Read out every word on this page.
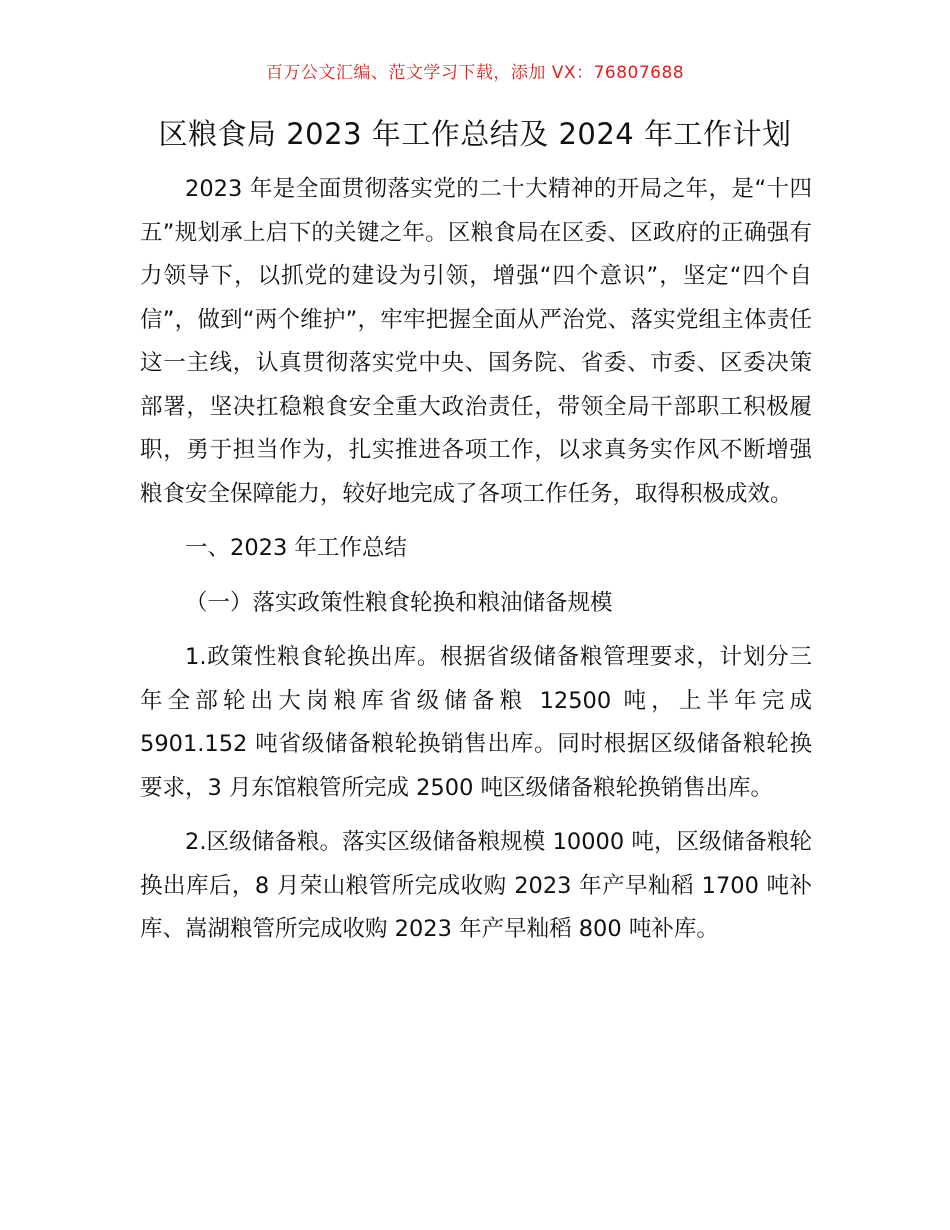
百万公文汇编、范文学习下载，添加 VX：76807688
区粮食局 2023 年工作总结及 2024 年工作计划

2023 年是全面贯彻落实党的二十大精神的开局之年，是“十四五”规划承上启下的关键之年。区粮食局在区委、区政府的正确强有力领导下，以抓党的建设为引领，增强“四个意识”，坚定“四个自信”，做到“两个维护”，牢牢把握全面从严治党、落实党组主体责任这一主线，认真贯彻落实党中央、国务院、省委、市委、区委决策部署，坚决扛稳粮食安全重大政治责任，带领全局干部职工积极履职，勇于担当作为，扎实推进各项工作，以求真务实作风不断增强粮食安全保障能力，较好地完成了各项工作任务，取得积极成效。

一、2023 年工作总结

（一）落实政策性粮食轮换和粮油储备规模

1.政策性粮食轮换出库。根据省级储备粮管理要求，计划分三年全部轮出大岗粮库省级储备粮 12500 吨，上半年完成 5901.152 吨省级储备粮轮换销售出库。同时根据区级储备粮轮换要求，3 月东馆粮管所完成 2500 吨区级储备粮轮换销售出库。

2.区级储备粮。落实区级储备粮规模 10000 吨，区级储备粮轮换出库后，8 月荣山粮管所完成收购 2023 年产早籼稻 1700 吨补库、嵩湖粮管所完成收购 2023 年产早籼稻 800 吨补库。
